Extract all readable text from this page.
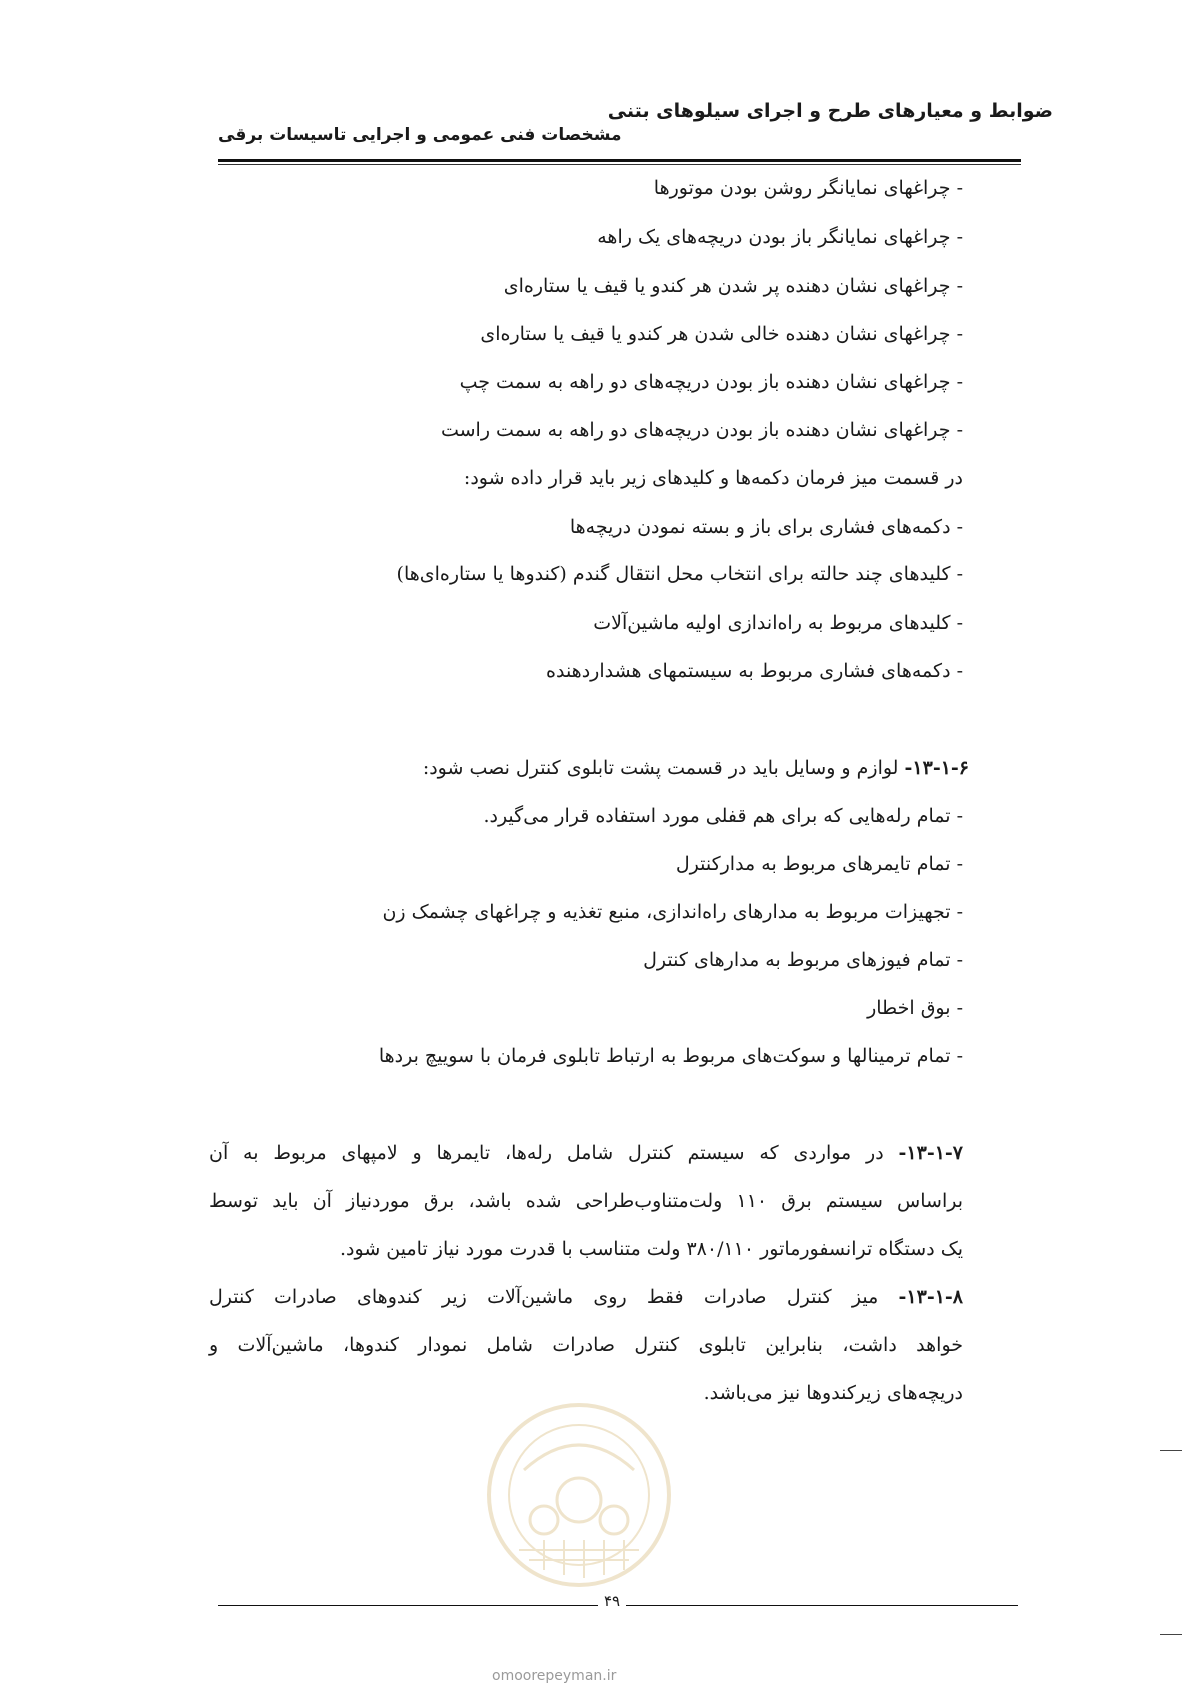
ضوابط و معیارهای طرح و اجرای سیلوهای بتنی
مشخصات فنی عمومی و اجرایی تاسیسات برقی
- چراغهای نمایانگر روشن بودن موتورها
- چراغهای نمایانگر باز بودن دریچه‌های یک راهه
- چراغهای نشان دهنده پر شدن هر کندو یا قیف یا ستاره‌ای
- چراغهای نشان دهنده خالی شدن هر کندو یا قیف یا ستاره‌ای
- چراغهای نشان دهنده باز بودن دریچه‌های دو راهه به سمت چپ
- چراغهای نشان دهنده باز بودن دریچه‌های دو راهه به سمت راست
در قسمت میز فرمان دکمه‌ها و کلیدهای زیر باید قرار داده شود:
- دکمه‌های فشاری برای باز و بسته نمودن دریچه‌ها
- کلیدهای چند حالته برای انتخاب محل انتقال گندم (کندوها یا ستاره‌ای‌ها)
- کلیدهای مربوط به راه‌اندازی اولیه ماشین‌آلات
- دکمه‌های فشاری مربوط به سیستمهای هشداردهنده
۱۳-۱-۶- لوازم و وسایل باید در قسمت پشت تابلوی کنترل نصب شود:
- تمام رله‌هایی که برای هم قفلی مورد استفاده قرار می‌گیرد.
- تمام تایمرهای مربوط به مدارکنترل
- تجهیزات مربوط به مدارهای راه‌اندازی، منبع تغذیه و چراغهای چشمک زن
- تمام فیوزهای مربوط به مدارهای کنترل
- بوق اخطار
- تمام ترمینالها و سوکت‌های مربوط به ارتباط تابلوی فرمان با سوییچ بردها
۱۳-۱-۷- در مواردی که سیستم کنترل شامل رله‌ها، تایمرها و لامپهای مربوط به آن
براساس سیستم برق ۱۱۰ ولت‌متناوب‌طراحی شده باشد، برق موردنیاز آن باید توسط
یک دستگاه ترانسفورماتور ۳۸۰/۱۱۰ ولت متناسب با قدرت مورد نیاز تامین شود.
۱۳-۱-۸- میز کنترل صادرات فقط روی ماشین‌آلات زیر کندوهای صادرات کنترل
خواهد داشت، بنابراین تابلوی کنترل صادرات شامل نمودار کندوها، ماشین‌آلات و
دریچه‌های زیرکندوها نیز می‌باشد.
۴۹
omoorepeyman.ir
